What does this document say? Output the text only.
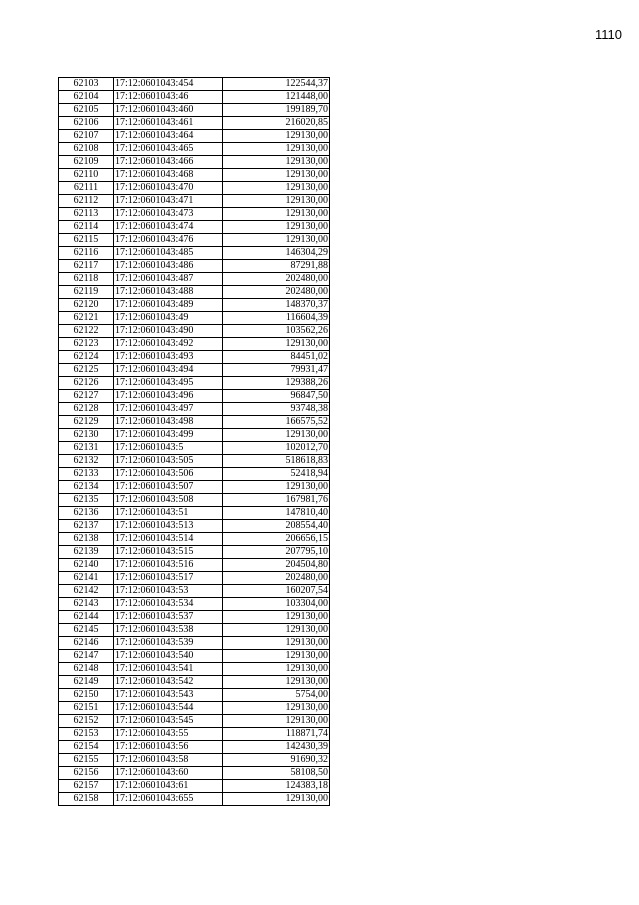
1110
62103	17:12:0601043:454	122544,37
62104	17:12:0601043:46	121448,00
62105	17:12:0601043:460	199189,70
62106	17:12:0601043:461	216020,85
62107	17:12:0601043:464	129130,00
62108	17:12:0601043:465	129130,00
62109	17:12:0601043:466	129130,00
62110	17:12:0601043:468	129130,00
62111	17:12:0601043:470	129130,00
62112	17:12:0601043:471	129130,00
62113	17:12:0601043:473	129130,00
62114	17:12:0601043:474	129130,00
62115	17:12:0601043:476	129130,00
62116	17:12:0601043:485	146304,29
62117	17:12:0601043:486	87291,88
62118	17:12:0601043:487	202480,00
62119	17:12:0601043:488	202480,00
62120	17:12:0601043:489	148370,37
62121	17:12:0601043:49	116604,39
62122	17:12:0601043:490	103562,26
62123	17:12:0601043:492	129130,00
62124	17:12:0601043:493	84451,02
62125	17:12:0601043:494	79931,47
62126	17:12:0601043:495	129388,26
62127	17:12:0601043:496	96847,50
62128	17:12:0601043:497	93748,38
62129	17:12:0601043:498	166575,52
62130	17:12:0601043:499	129130,00
62131	17:12:0601043:5	102012,70
62132	17:12:0601043:505	518618,83
62133	17:12:0601043:506	52418,94
62134	17:12:0601043:507	129130,00
62135	17:12:0601043:508	167981,76
62136	17:12:0601043:51	147810,40
62137	17:12:0601043:513	208554,40
62138	17:12:0601043:514	206656,15
62139	17:12:0601043:515	207795,10
62140	17:12:0601043:516	204504,80
62141	17:12:0601043:517	202480,00
62142	17:12:0601043:53	160207,54
62143	17:12:0601043:534	103304,00
62144	17:12:0601043:537	129130,00
62145	17:12:0601043:538	129130,00
62146	17:12:0601043:539	129130,00
62147	17:12:0601043:540	129130,00
62148	17:12:0601043:541	129130,00
62149	17:12:0601043:542	129130,00
62150	17:12:0601043:543	5754,00
62151	17:12:0601043:544	129130,00
62152	17:12:0601043:545	129130,00
62153	17:12:0601043:55	118871,74
62154	17:12:0601043:56	142430,39
62155	17:12:0601043:58	91690,32
62156	17:12:0601043:60	58108,50
62157	17:12:0601043:61	124383,18
62158	17:12:0601043:655	129130,00
